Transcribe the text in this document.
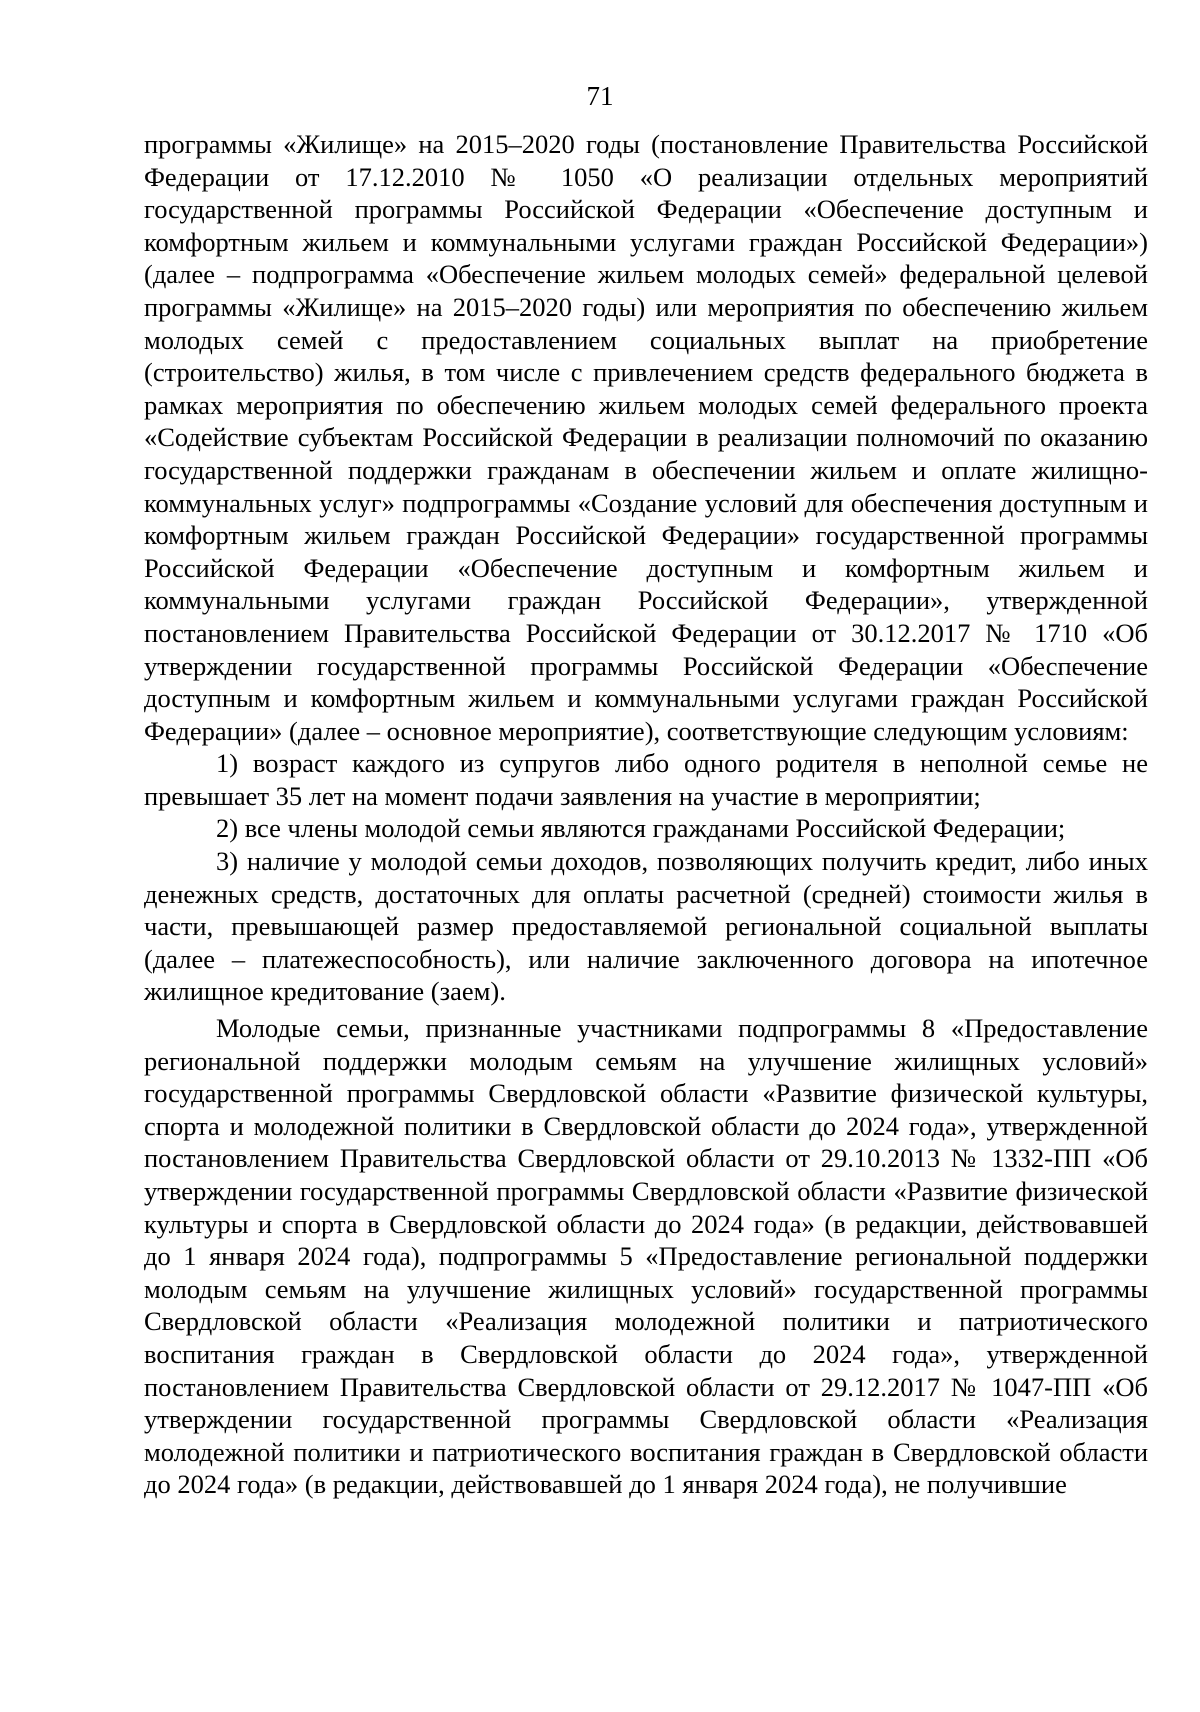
71

программы «Жилище» на 2015–2020 годы (постановление Правительства Российской Федерации от 17.12.2010 № 1050 «О реализации отдельных мероприятий государственной программы Российской Федерации «Обеспечение доступным и комфортным жильем и коммунальными услугами граждан Российской Федерации») (далее – подпрограмма «Обеспечение жильем молодых семей» федеральной целевой программы «Жилище» на 2015–2020 годы) или мероприятия по обеспечению жильем молодых семей с предоставлением социальных выплат на приобретение (строительство) жилья, в том числе с привлечением средств федерального бюджета в рамках мероприятия по обеспечению жильем молодых семей федерального проекта «Содействие субъектам Российской Федерации в реализации полномочий по оказанию государственной поддержки гражданам в обеспечении жильем и оплате жилищно-коммунальных услуг» подпрограммы «Создание условий для обеспечения доступным и комфортным жильем граждан Российской Федерации» государственной программы Российской Федерации «Обеспечение доступным и комфортным жильем и коммунальными услугами граждан Российской Федерации», утвержденной постановлением Правительства Российской Федерации от 30.12.2017 № 1710 «Об утверждении государственной программы Российской Федерации «Обеспечение доступным и комфортным жильем и коммунальными услугами граждан Российской Федерации» (далее – основное мероприятие), соответствующие следующим условиям:

1) возраст каждого из супругов либо одного родителя в неполной семье не превышает 35 лет на момент подачи заявления на участие в мероприятии;

2) все члены молодой семьи являются гражданами Российской Федерации;

3) наличие у молодой семьи доходов, позволяющих получить кредит, либо иных денежных средств, достаточных для оплаты расчетной (средней) стоимости жилья в части, превышающей размер предоставляемой региональной социальной выплаты (далее – платежеспособность), или наличие заключенного договора на ипотечное жилищное кредитование (заем).

Молодые семьи, признанные участниками подпрограммы 8 «Предоставление региональной поддержки молодым семьям на улучшение жилищных условий» государственной программы Свердловской области «Развитие физической культуры, спорта и молодежной политики в Свердловской области до 2024 года», утвержденной постановлением Правительства Свердловской области от 29.10.2013 № 1332-ПП «Об утверждении государственной программы Свердловской области «Развитие физической культуры и спорта в Свердловской области до 2024 года» (в редакции, действовавшей до 1 января 2024 года), подпрограммы 5 «Предоставление региональной поддержки молодым семьям на улучшение жилищных условий» государственной программы Свердловской области «Реализация молодежной политики и патриотического воспитания граждан в Свердловской области до 2024 года», утвержденной постановлением Правительства Свердловской области от 29.12.2017 № 1047-ПП «Об утверждении государственной программы Свердловской области «Реализация молодежной политики и патриотического воспитания граждан в Свердловской области до 2024 года» (в редакции, действовавшей до 1 января 2024 года), не получившие
